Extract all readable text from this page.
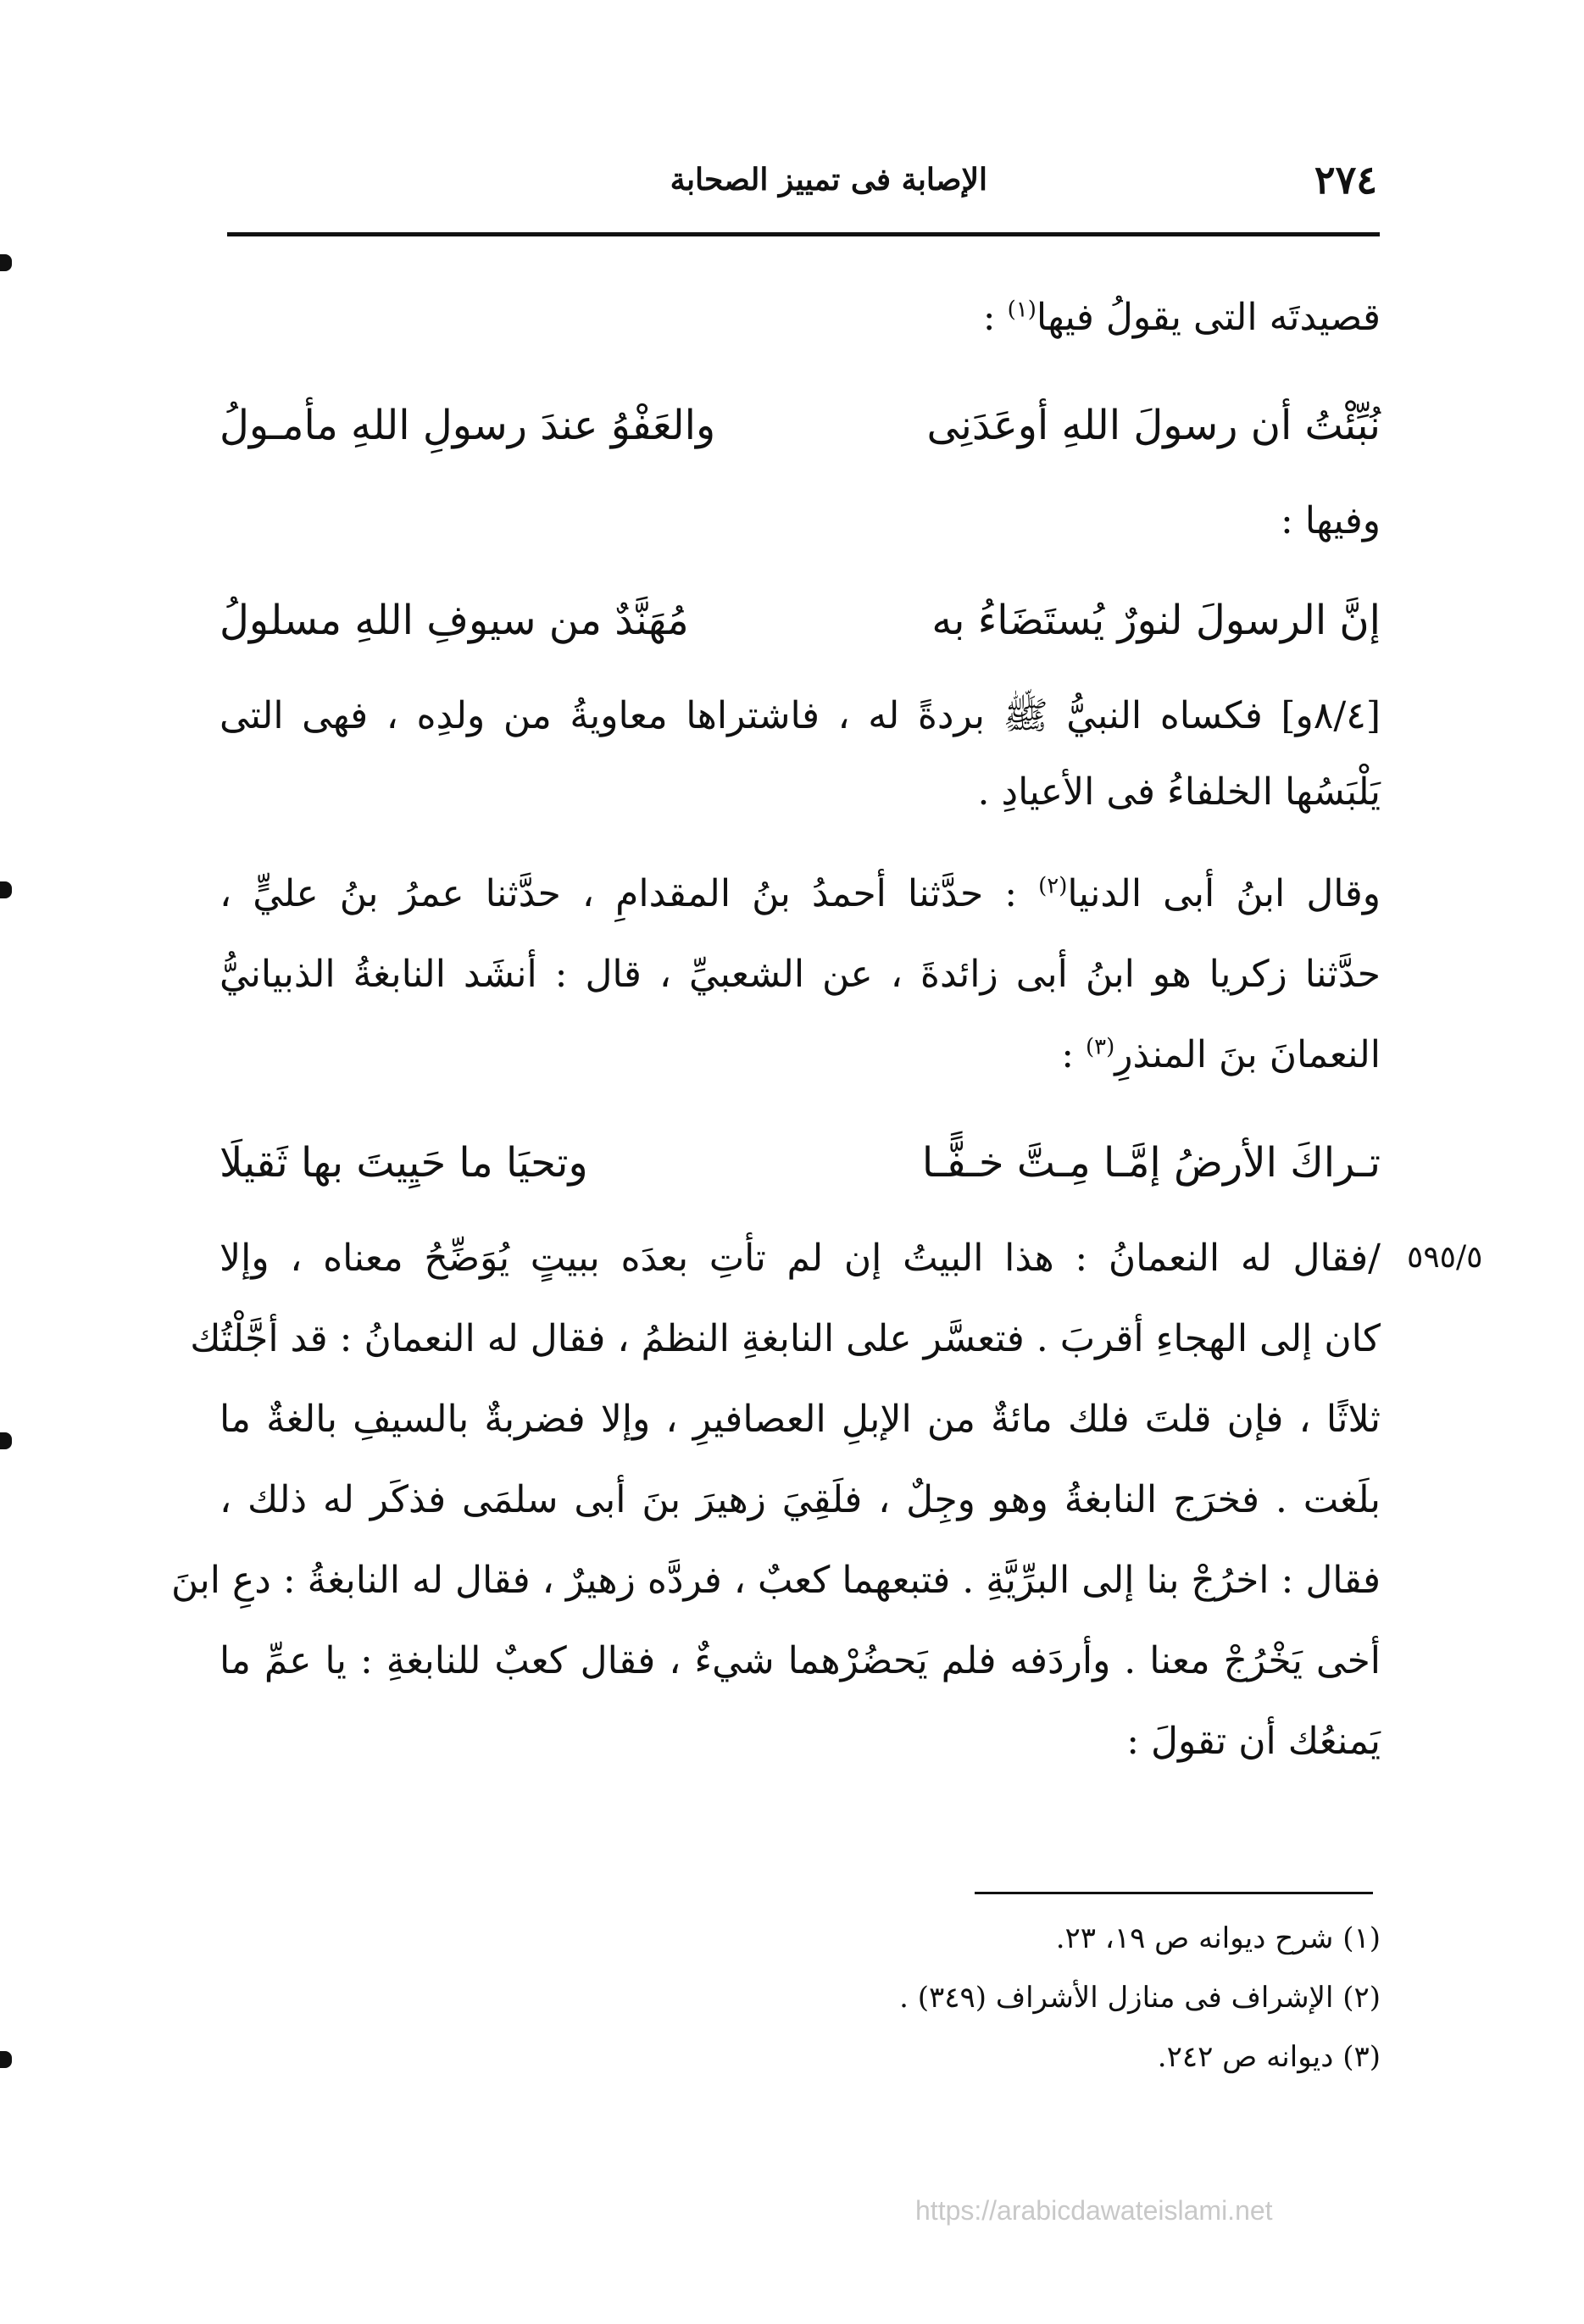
٢٧٤
الإصابة فى تمييز الصحابة
قصيدتَه التى يقولُ فيها$^{(١)}$ :
نُبِّئْتُ أن رسولَ اللهِ أوعَدَنِى
والعَفْوُ عندَ رسولِ اللهِ مأمـولُ
وفيها :
إنَّ الرسولَ لنورٌ يُستَضَاءُ به
مُهَنَّدٌ من سيوفِ اللهِ مسلولُ
[٨/٤و] فكساه النبيُّ ﷺ بردةً له ، فاشتراها معاويةُ من ولدِه ، فهى التى
يَلْبَسُها الخلفاءُ فى الأعيادِ .
وقال ابنُ أبى الدنيا$^{(٢)}$ : حدَّثنا أحمدُ بنُ المقدامِ ، حدَّثنا عمرُ بنُ عليٍّ ،
حدَّثنا زكريا هو ابنُ أبى زائدةَ ، عن الشعبيِّ ، قال : أنشَد النابغةُ الذبيانيُّ
النعمانَ بنَ المنذرِ$^{(٣)}$ :
تـراكَ الأرضُ إمَّـا مِـتَّ خـفًّـا
وتحيَا ما حَيِيتَ بها ثَقيلَا
٥٩٥/٥
/فقال له النعمانُ : هذا البيتُ إن لم تأتِ بعدَه ببيتٍ يُوَضِّحُ معناه ، وإلا
كان إلى الهجاءِ أقربَ . فتعسَّر على النابغةِ النظمُ ، فقال له النعمانُ : قد أجَّلْتُك
ثلاثًا ، فإن قلتَ فلك مائةٌ من الإبلِ العصافيرِ ، وإلا فضربةٌ بالسيفِ بالغةٌ ما
بلَغت . فخرَج النابغةُ وهو وجِلٌ ، فلَقِيَ زهيرَ بنَ أبى سلمَى فذكَر له ذلك ،
فقال : اخرُجْ بنا إلى البرِّيَّةِ . فتبعهما كعبٌ ، فردَّه زهيرٌ ، فقال له النابغةُ : دعِ ابنَ
أخى يَخْرُجْ معنا . وأردَفه فلم يَحضُرْهما شيءٌ ، فقال كعبٌ للنابغةِ : يا عمِّ ما
يَمنعُك أن تقولَ :
(١) شرح ديوانه ص ١٩، ٢٣.
(٢) الإشراف فى منازل الأشراف (٣٤٩) .
(٣) ديوانه ص ٢٤٢.
https://arabicdawateislami.net
